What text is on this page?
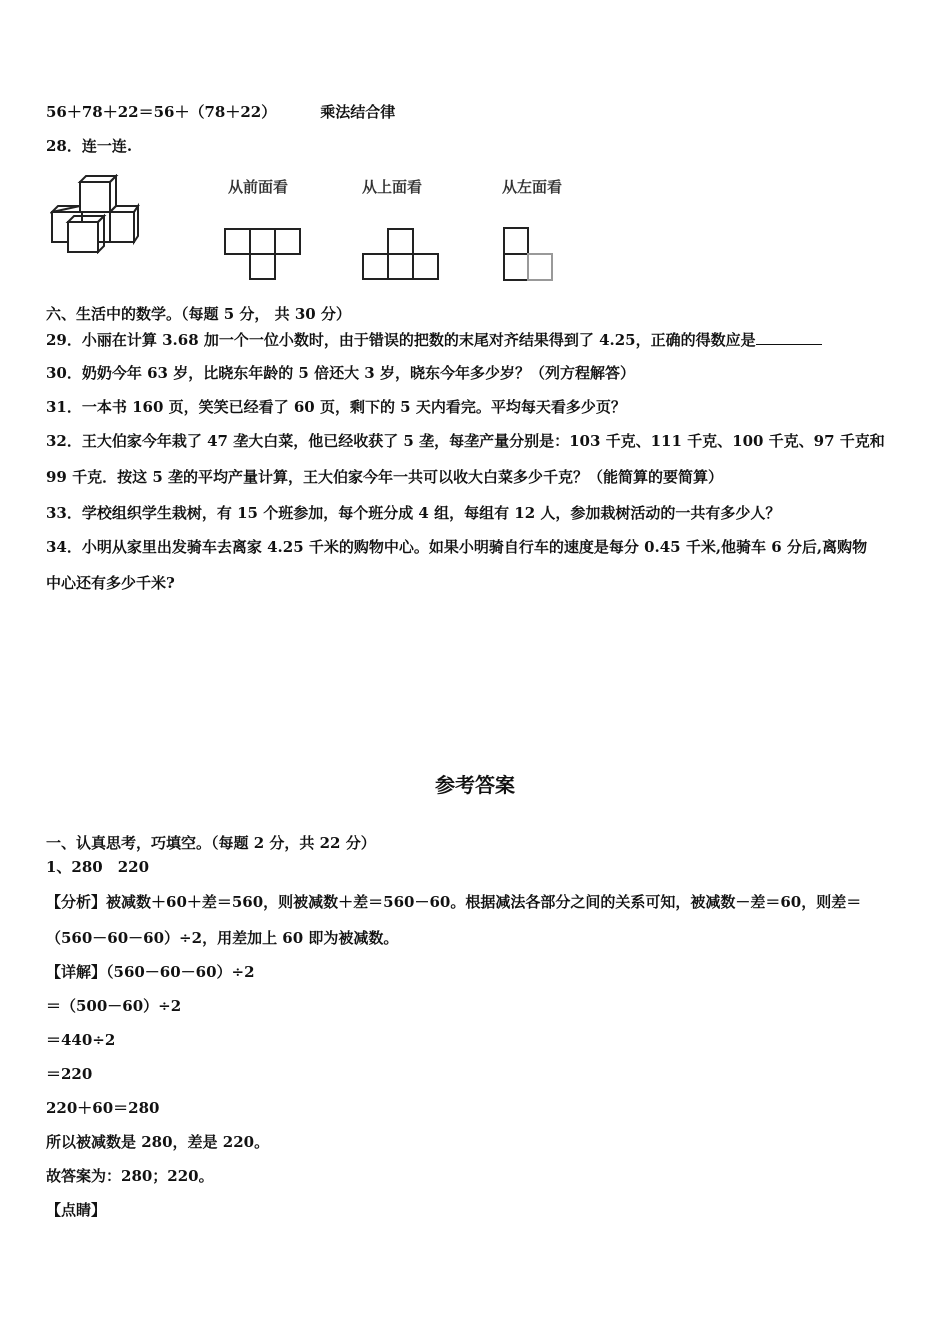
56＋78＋22＝56＋（78＋22）	乘法结合律
28．连一连.
从前面看	从上面看	从左面看
六、生活中的数学。（每题 5 分， 共 30 分）
29．小丽在计算 3.68 加一个一位小数时，由于错误的把数的末尾对齐结果得到了 4.25，正确的得数应是
30．奶奶今年 63 岁，比晓东年龄的 5 倍还大 3 岁，晓东今年多少岁？（列方程解答）
31．一本书 160 页，笑笑已经看了 60 页，剩下的 5 天内看完。平均每天看多少页？
32．王大伯家今年栽了 47 垄大白菜，他已经收获了 5 垄，每垄产量分别是：103 千克、111 千克、100 千克、97 千克和
99 千克．按这 5 垄的平均产量计算，王大伯家今年一共可以收大白菜多少千克？（能简算的要简算）
33．学校组织学生栽树，有 15 个班参加，每个班分成 4 组，每组有 12 人，参加栽树活动的一共有多少人？
34．小明从家里出发骑车去离家 4.25 千米的购物中心。如果小明骑自行车的速度是每分 0.45 千米,他骑车 6 分后,离购物
中心还有多少千米?
参考答案
一、认真思考，巧填空。（每题 2 分，共 22 分）
1、280　220
【分析】被减数＋60＋差＝560，则被减数＋差＝560－60。根据减法各部分之间的关系可知，被减数－差＝60，则差＝
（560－60－60）÷2，用差加上 60 即为被减数。
【详解】（560－60－60）÷2
＝（500－60）÷2
＝440÷2
＝220
220＋60＝280
所以被减数是 280，差是 220。
故答案为：280；220。
【点睛】
